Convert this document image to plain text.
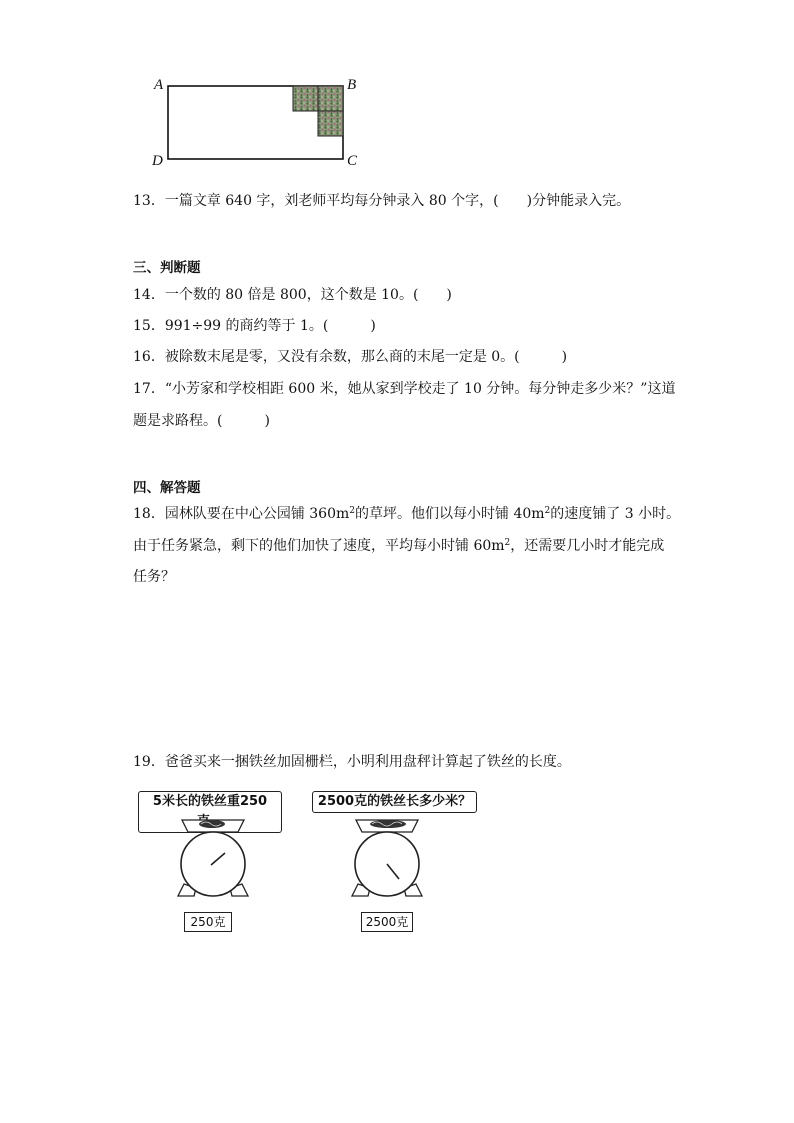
A	B
D	C
13．一篇文章 640 字，刘老师平均每分钟录入 80 个字，(　　)分钟能录入完。
三、判断题
14．一个数的 80 倍是 800，这个数是 10。(　　)
15．991÷99 的商约等于 1。(　　　)
16．被除数末尾是零，又没有余数，那么商的末尾一定是 0。(　　　)
17．“小芳家和学校相距 600 米，她从家到学校走了 10 分钟。每分钟走多少米？”这道
题是求路程。(　　　)
四、解答题
18．园林队要在中心公园铺 $360m^2$的草坪。他们以每小时铺 $40m^2$的速度铺了 3 小时。
由于任务紧急，剩下的他们加快了速度，平均每小时铺 $60m^2$，还需要几小时才能完成
任务？
19．爸爸买来一捆铁丝加固栅栏，小明利用盘秤计算起了铁丝的长度。
5米长的铁丝重250
250克
2500克的铁丝长多少米？
2500克
